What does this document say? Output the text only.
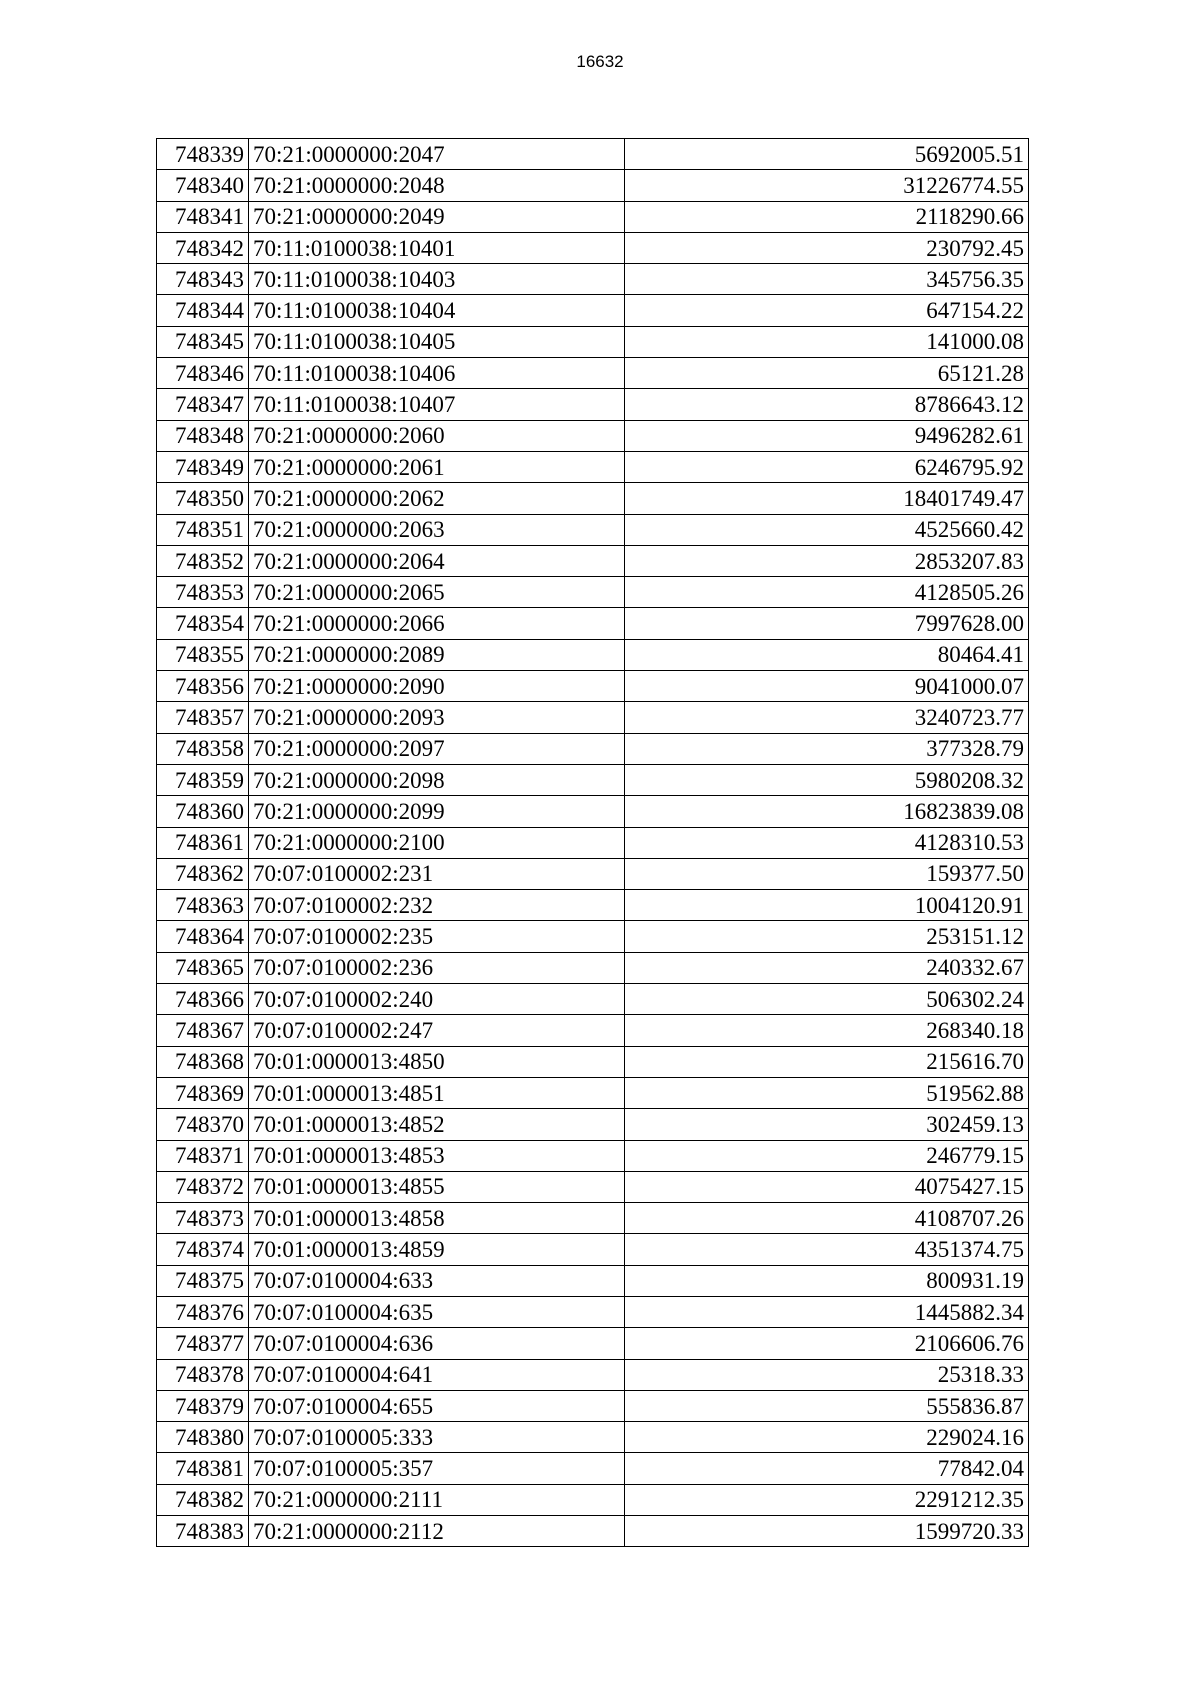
16632
748339	70:21:0000000:2047	5692005.51
748340	70:21:0000000:2048	31226774.55
748341	70:21:0000000:2049	2118290.66
748342	70:11:0100038:10401	230792.45
748343	70:11:0100038:10403	345756.35
748344	70:11:0100038:10404	647154.22
748345	70:11:0100038:10405	141000.08
748346	70:11:0100038:10406	65121.28
748347	70:11:0100038:10407	8786643.12
748348	70:21:0000000:2060	9496282.61
748349	70:21:0000000:2061	6246795.92
748350	70:21:0000000:2062	18401749.47
748351	70:21:0000000:2063	4525660.42
748352	70:21:0000000:2064	2853207.83
748353	70:21:0000000:2065	4128505.26
748354	70:21:0000000:2066	7997628.00
748355	70:21:0000000:2089	80464.41
748356	70:21:0000000:2090	9041000.07
748357	70:21:0000000:2093	3240723.77
748358	70:21:0000000:2097	377328.79
748359	70:21:0000000:2098	5980208.32
748360	70:21:0000000:2099	16823839.08
748361	70:21:0000000:2100	4128310.53
748362	70:07:0100002:231	159377.50
748363	70:07:0100002:232	1004120.91
748364	70:07:0100002:235	253151.12
748365	70:07:0100002:236	240332.67
748366	70:07:0100002:240	506302.24
748367	70:07:0100002:247	268340.18
748368	70:01:0000013:4850	215616.70
748369	70:01:0000013:4851	519562.88
748370	70:01:0000013:4852	302459.13
748371	70:01:0000013:4853	246779.15
748372	70:01:0000013:4855	4075427.15
748373	70:01:0000013:4858	4108707.26
748374	70:01:0000013:4859	4351374.75
748375	70:07:0100004:633	800931.19
748376	70:07:0100004:635	1445882.34
748377	70:07:0100004:636	2106606.76
748378	70:07:0100004:641	25318.33
748379	70:07:0100004:655	555836.87
748380	70:07:0100005:333	229024.16
748381	70:07:0100005:357	77842.04
748382	70:21:0000000:2111	2291212.35
748383	70:21:0000000:2112	1599720.33
